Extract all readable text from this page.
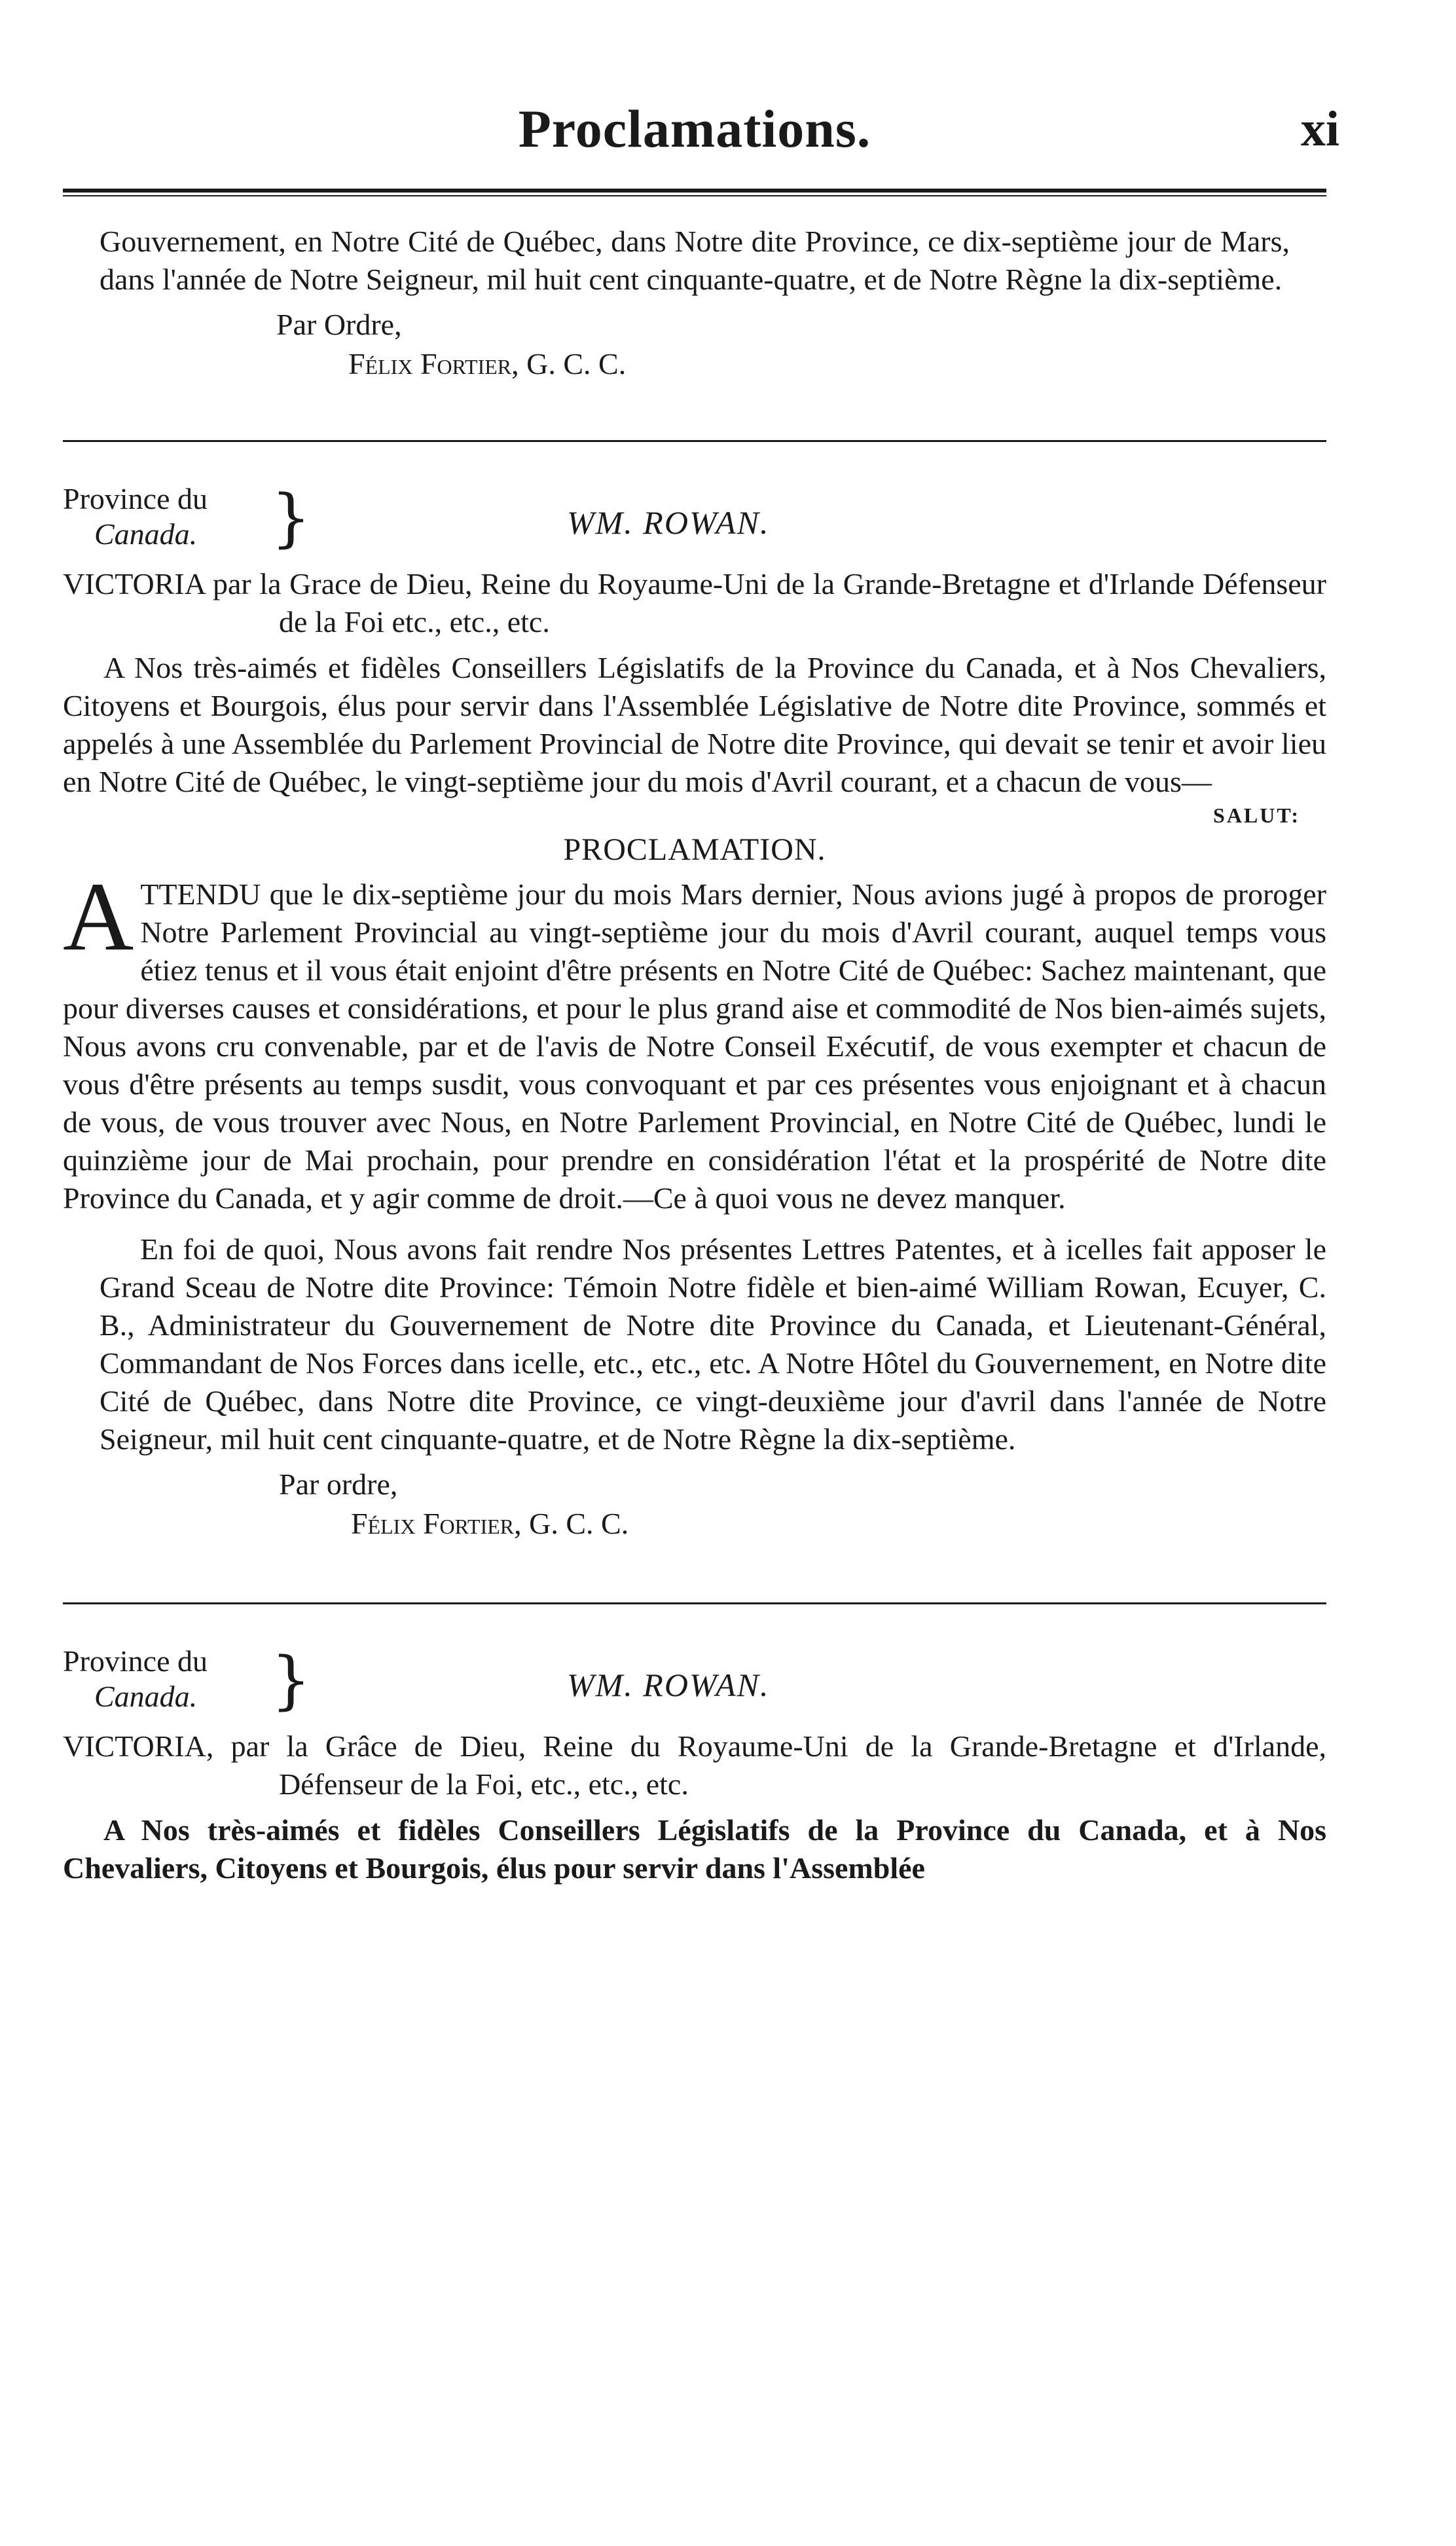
Proclamations.	xi

Gouvernement, en Notre Cité de Québec, dans Notre dite Province, ce dix-septième jour de Mars, dans l'année de Notre Seigneur, mil huit cent cinquante-quatre, et de Notre Règne la dix-septième.

Par Ordre,
Félix Fortier, G. C. C.
Province du
Canada. }	WM. ROWAN.

VICTORIA par la Grace de Dieu, Reine du Royaume-Uni de la Grande-Bretagne et d'Irlande Défenseur de la Foi etc., etc., etc.

A Nos très-aimés et fidèles Conseillers Législatifs de la Province du Canada, et à Nos Chevaliers, Citoyens et Bourgois, élus pour servir dans l'Assemblée Législative de Notre dite Province, sommés et appelés à une Assemblée du Parlement Provincial de Notre dite Province, qui devait se tenir et avoir lieu en Notre Cité de Québec, le vingt-septième jour du mois d'Avril courant, et a chacun de vous—

SALUT:
PROCLAMATION.

ATTENDU que le dix-septième jour du mois Mars dernier, Nous avions jugé à propos de proroger Notre Parlement Provincial au vingt-septième jour du mois d'Avril courant, auquel temps vous étiez tenus et il vous était enjoint d'être présents en Notre Cité de Québec: Sachez maintenant, que pour diverses causes et considérations, et pour le plus grand aise et commodité de Nos bien-aimés sujets, Nous avons cru convenable, par et de l'avis de Notre Conseil Exécutif, de vous exempter et chacun de vous d'être présents au temps susdit, vous convoquant et par ces présentes vous enjoignant et à chacun de vous, de vous trouver avec Nous, en Notre Parlement Provincial, en Notre Cité de Québec, lundi le quinzième jour de Mai prochain, pour prendre en considération l'état et la prospérité de Notre dite Province du Canada, et y agir comme de droit.—Ce à quoi vous ne devez manquer.

En foi de quoi, Nous avons fait rendre Nos présentes Lettres Patentes, et à icelles fait apposer le Grand Sceau de Notre dite Province: Témoin Notre fidèle et bien-aimé William Rowan, Ecuyer, C. B., Administrateur du Gouvernement de Notre dite Province du Canada, et Lieutenant-Général, Commandant de Nos Forces dans icelle, etc., etc., etc. A Notre Hôtel du Gouvernement, en Notre dite Cité de Québec, dans Notre dite Province, ce vingt-deuxième jour d'avril dans l'année de Notre Seigneur, mil huit cent cinquante-quatre, et de Notre Règne la dix-septième.

Par ordre,
Félix Fortier, G. C. C.
Province du
Canada. }	WM. ROWAN.

VICTORIA, par la Grâce de Dieu, Reine du Royaume-Uni de la Grande-Bretagne et d'Irlande, Défenseur de la Foi, etc., etc., etc.

A Nos très-aimés et fidèles Conseillers Législatifs de la Province du Canada, et à Nos Chevaliers, Citoyens et Bourgois, élus pour servir dans l'Assemblée
